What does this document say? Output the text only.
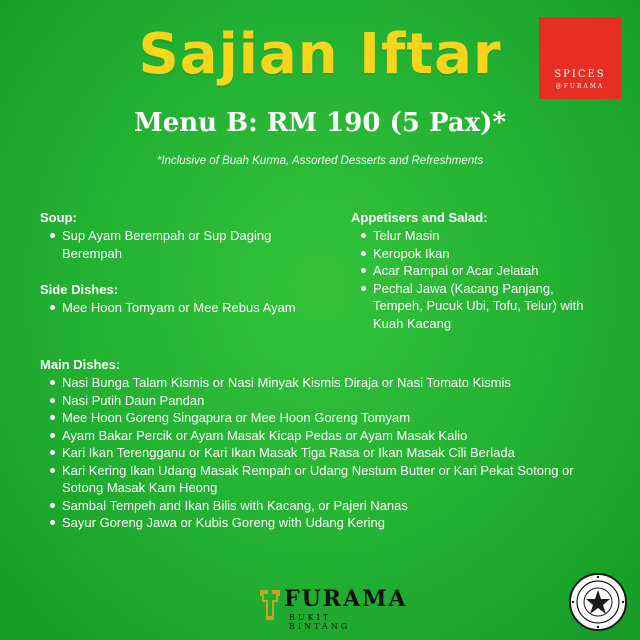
Sajian Iftar
Menu B: RM 190 (5 Pax)*
*Inclusive of Buah Kurma, Assorted Desserts and Refreshments
SPICES
@FURAMA
Soup:
Sup Ayam Berempah or Sup Daging Berempah
Side Dishes:
Mee Hoon Tomyam or Mee Rebus Ayam
Appetisers and Salad:
Telur Masin
Keropok Ikan
Acar Rampai or Acar Jelatah
Pechal Jawa (Kacang Panjang, Tempeh, Pucuk Ubi, Tofu, Telur) with Kuah Kacang
Main Dishes:
Nasi Bunga Talam Kismis or Nasi Minyak Kismis Diraja or Nasi Tomato Kismis
Nasi Putih Daun Pandan
Mee Hoon Goreng Singapura or Mee Hoon Goreng Tomyam
Ayam Bakar Percik or Ayam Masak Kicap Pedas or Ayam Masak Kalio
Kari Ikan Terengganu or Kari Ikan Masak Tiga Rasa or Ikan Masak Cili Berlada
Kari Kering Ikan Udang Masak Rempah or Udang Nestum Butter or Kari Pekat Sotong or Sotong Masak Kam Heong
Sambal Tempeh and Ikan Bilis with Kacang, or Pajeri Nanas
Sayur Goreng Jawa or Kubis Goreng with Udang Kering
FURAMA
BUKIT BINTANG
